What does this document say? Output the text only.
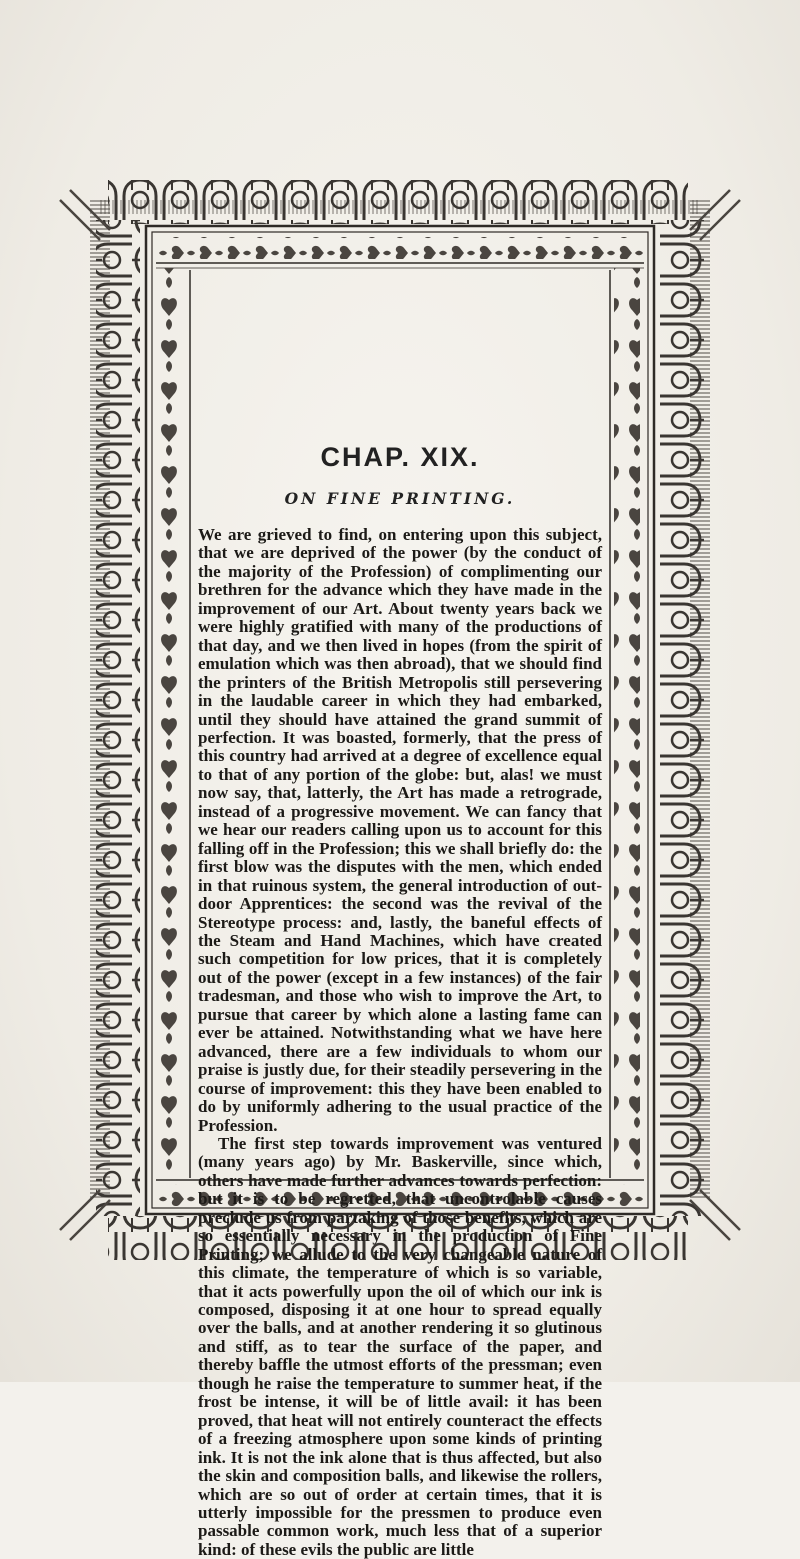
CHAP. XIX.
ON FINE PRINTING.

We are grieved to find, on entering upon this subject, that we are deprived of the power (by the conduct of the majority of the Profession) of complimenting our brethren for the advance which they have made in the improvement of our Art. About twenty years back we were highly gratified with many of the productions of that day, and we then lived in hopes (from the spirit of emulation which was then abroad), that we should find the printers of the British Metropolis still persevering in the laudable career in which they had embarked, until they should have attained the grand summit of perfection. It was boasted, formerly, that the press of this country had arrived at a degree of excellence equal to that of any portion of the globe: but, alas! we must now say, that, latterly, the Art has made a retrograde, instead of a progressive movement. We can fancy that we hear our readers calling upon us to account for this falling off in the Profession; this we shall briefly do: the first blow was the disputes with the men, which ended in that ruinous system, the general introduction of out-door Apprentices: the second was the revival of the Stereotype process: and, lastly, the baneful effects of the Steam and Hand Machines, which have created such competition for low prices, that it is completely out of the power (except in a few instances) of the fair tradesman, and those who wish to improve the Art, to pursue that career by which alone a lasting fame can ever be attained. Notwithstanding what we have here advanced, there are a few individuals to whom our praise is justly due, for their steadily persevering in the course of improvement: this they have been enabled to do by uniformly adhering to the usual practice of the Profession.

The first step towards improvement was ventured (many years ago) by Mr. Baskerville, since which, others have made further advances towards perfection: but it is to be regretted, that uncontrolable causes preclude us from partaking of those benefits, which are so essentially necessary in the production of Fine Printing; we allude to the very changeable nature of this climate, the temperature of which is so variable, that it acts powerfully upon the oil of which our ink is composed, disposing it at one hour to spread equally over the balls, and at another rendering it so glutinous and stiff, as to tear the surface of the paper, and thereby baffle the utmost efforts of the pressman; even though he raise the temperature to summer heat, if the frost be intense, it will be of little avail: it has been proved, that heat will not entirely counteract the effects of a freezing atmosphere upon some kinds of printing ink. It is not the ink alone that is thus affected, but also the skin and composition balls, and likewise the rollers, which are so out of order at certain times, that it is utterly impossible for the pressmen to produce even passable common work, much less that of a superior kind: of these evils the public are little
